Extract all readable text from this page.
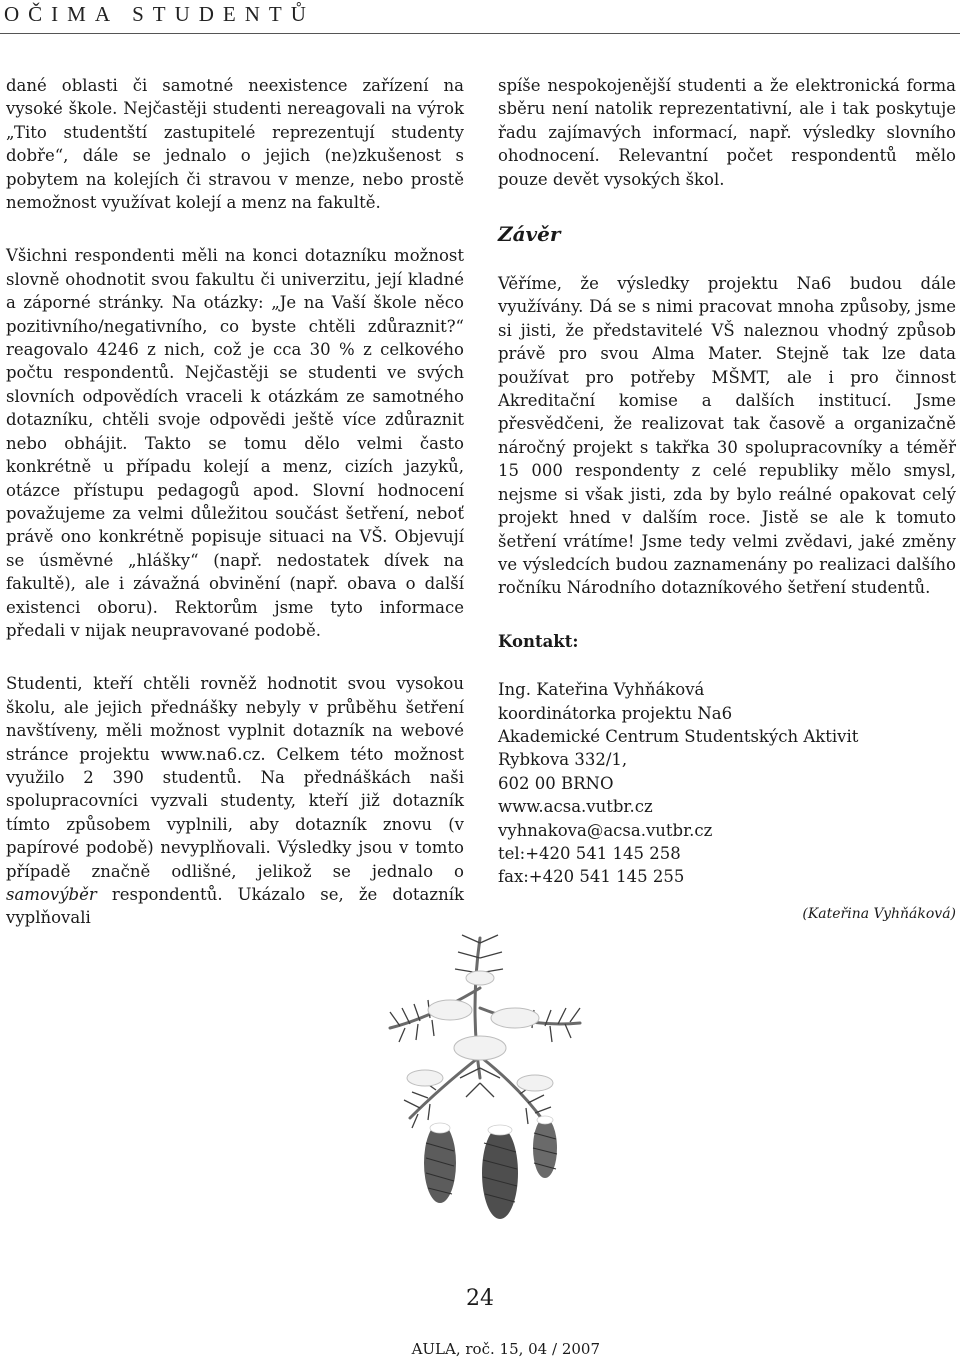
OČIMA STUDENTŮ

dané oblasti či samotné neexistence zařízení na vysoké škole. Nejčastěji studenti nereagovali na výrok „Tito studentští zastupitelé reprezentují studenty dobře“, dále se jednalo o jejich (ne)zkušenost s pobytem na kolejích či stravou v menze, nebo prostě nemožnost využívat kolejí a menz na fakultě.

Všichni respondenti měli na konci dotazníku možnost slovně ohodnotit svou fakultu či univerzitu, její kladné a záporné stránky. Na otázky: „Je na Vaší škole něco pozitivního/negativního, co byste chtěli zdůraznit?“ reagovalo 4246 z nich, což je cca 30 % z celkového počtu respondentů. Nejčastěji se studenti ve svých slovních odpovědích vraceli k otázkám ze samotného dotazníku, chtěli svoje odpovědi ještě více zdůraznit nebo obhájit. Takto se tomu dělo velmi často konkrétně u případu kolejí a menz, cizích jazyků, otázce přístupu pedagogů apod. Slovní hodnocení považujeme za velmi důležitou součást šetření, neboť právě ono konkrétně popisuje situaci na VŠ. Objevují se úsměvné „hlášky“ (např. nedostatek dívek na fakultě), ale i závažná obvinění (např. obava o další existenci oboru). Rektorům jsme tyto informace předali v nijak neupravované podobě.

Studenti, kteří chtěli rovněž hodnotit svou vysokou školu, ale jejich přednášky nebyly v průběhu šetření navštíveny, měli možnost vyplnit dotazník na webové stránce projektu www.na6.cz. Celkem této možnost využilo 2 390 studentů. Na přednáškách naši spolupracovníci vyzvali studenty, kteří již dotazník tímto způsobem vyplnili, aby dotazník znovu (v papírové podobě) nevyplňovali. Výsledky jsou v tomto případě značně odlišné, jelikož se jednalo o samovýběr respondentů. Ukázalo se, že dotazník vyplňovali

spíše nespokojenější studenti a že elektronická forma sběru není natolik reprezentativní, ale i tak poskytuje řadu zajímavých informací, např. výsledky slovního ohodnocení. Relevantní počet respondentů mělo pouze devět vysokých škol.

Závěr

Věříme, že výsledky projektu Na6 budou dále využívány. Dá se s nimi pracovat mnoha způsoby, jsme si jisti, že představitelé VŠ naleznou vhodný způsob právě pro svou Alma Mater. Stejně tak lze data používat pro potřeby MŠMT, ale i pro činnost Akreditační komise a dalších institucí. Jsme přesvědčeni, že realizovat tak časově a organizačně náročný projekt s takřka 30 spolupracovníky a téměř 15 000 respondenty z celé republiky mělo smysl, nejsme si však jisti, zda by bylo reálné opakovat celý projekt hned v dalším roce. Jistě se ale k tomuto šetření vrátíme! Jsme tedy velmi zvědavi, jaké změny ve výsledcích budou zaznamenány po realizaci dalšího ročníku Národního dotazníkového šetření studentů.

Kontakt:
Ing. Kateřina Vyhňáková
koordinátorka projektu Na6
Akademické Centrum Studentských Aktivit
Rybkova 332/1,
602 00 BRNO
www.acsa.vutbr.cz
vyhnakova@acsa.vutbr.cz
tel:+420 541 145 258
fax:+420 541 145 255
(Kateřina Vyhňáková)
24
AULA, roč. 15, 04 / 2007
